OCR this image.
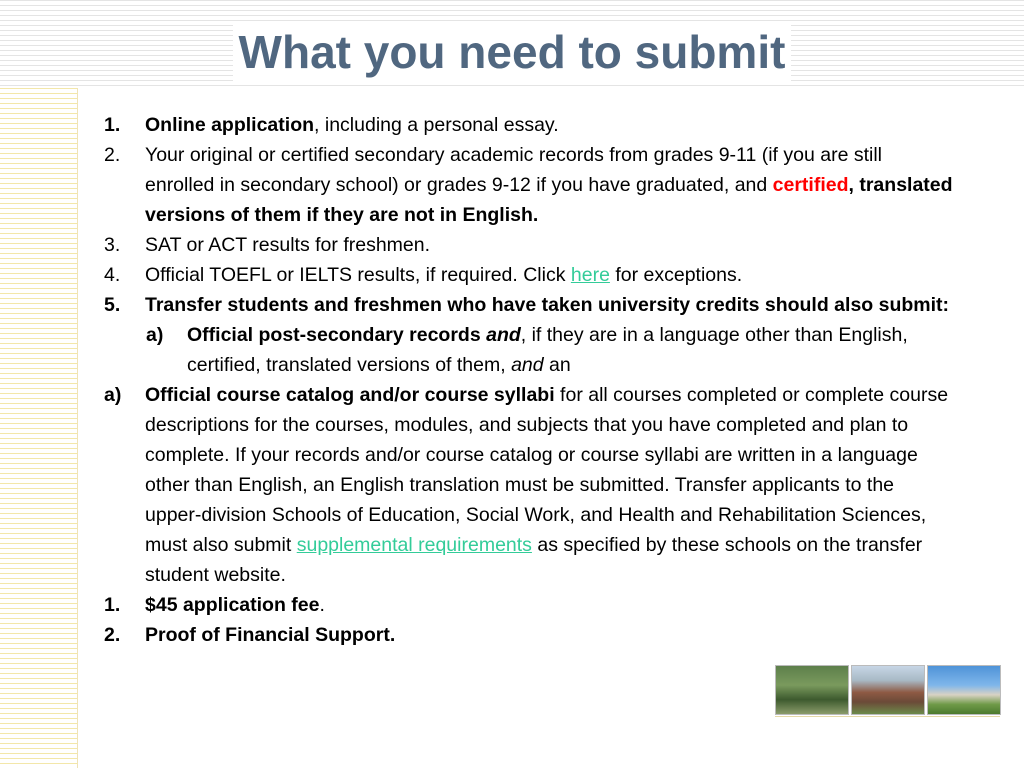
What you need to submit
1.	Online application, including a personal essay.
2.	Your original or certified secondary academic records from grades 9-11 (if you are still enrolled in secondary school) or grades 9-12 if you have graduated, and certified, translated versions of them if they are not in English.
3.	SAT or ACT results for freshmen.
4.	Official TOEFL or IELTS results, if required. Click here for exceptions.
5.	Transfer students and freshmen who have taken university credits should also submit:
a)	Official post-secondary records and, if they are in a language other than English, certified, translated versions of them, and an
a)	Official course catalog and/or course syllabi for all courses completed or complete course descriptions for the courses, modules, and subjects that you have completed and plan to complete. If your records and/or course catalog or course syllabi are written in a language other than English, an English translation must be submitted. Transfer applicants to the upper-division Schools of Education, Social Work, and Health and Rehabilitation Sciences, must also submit supplemental requirements as specified by these schools on the transfer student website.
1.	$45 application fee.
2.	Proof of Financial Support.
